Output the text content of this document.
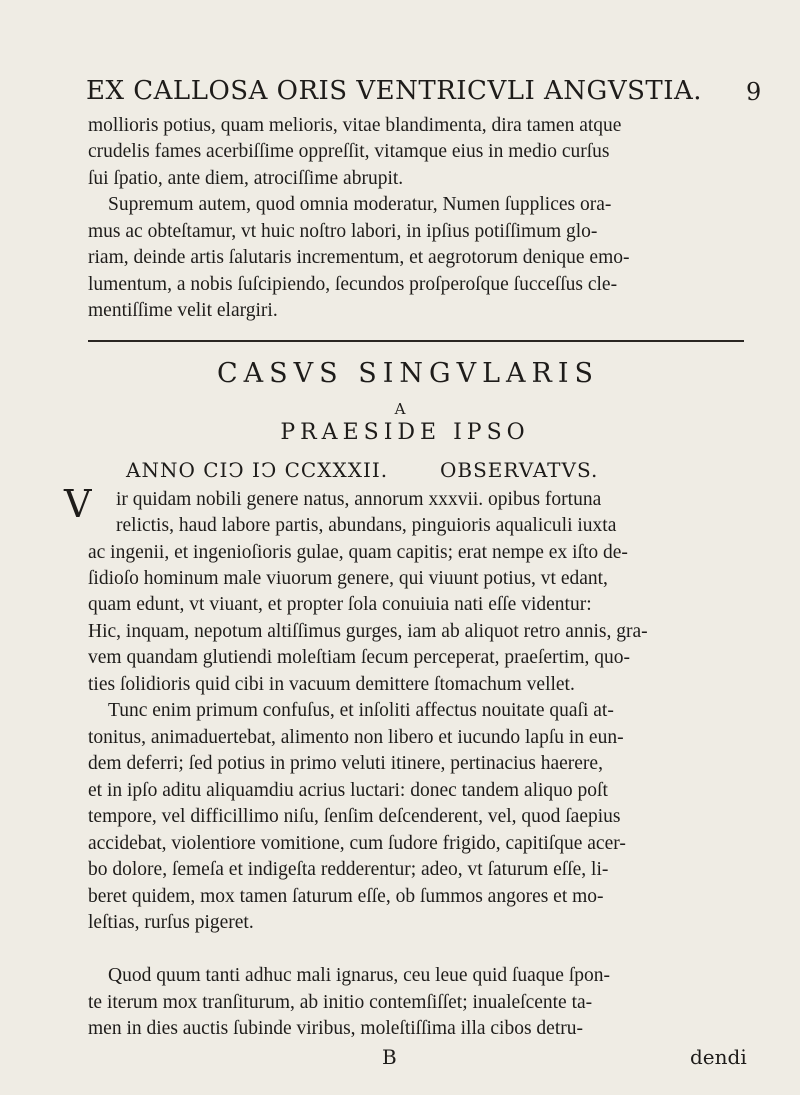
EX CALLOSA ORIS VENTRICVLI ANGVSTIA.	9
mollioris potius, quam melioris, vitae blandimenta, dira tamen atque
crudelis fames acerbiſſime oppreſſit, vitamque eius in medio curſus
ſui ſpatio, ante diem, atrociſſime abrupit.
Supremum autem, quod omnia moderatur, Numen ſupplices ora-
mus ac obteſtamur, vt huic noſtro labori, in ipſius potiſſimum glo-
riam, deinde artis ſalutaris incrementum, et aegrotorum denique emo-
lumentum, a nobis ſuſcipiendo, ſecundos proſperoſque ſucceſſus cle-
mentiſſime velit elargiri.
CASVS SINGVLARIS
A
PRAESIDE IPSO
ANNO CIↃ IↃ CCXXXII.	OBSERVATVS.
V ir quidam nobili genere natus, annorum xxxvii. opibus fortuna
relictis, haud labore partis, abundans, pinguioris aqualiculi iuxta
ac ingenii, et ingenioſioris gulae, quam capitis; erat nempe ex iſto de-
ſidioſo hominum male viuorum genere, qui viuunt potius, vt edant,
quam edunt, vt viuant, et propter ſola conuiuia nati eſſe videntur:
Hic, inquam, nepotum altiſſimus gurges, iam ab aliquot retro annis, gra-
vem quandam glutiendi moleſtiam ſecum perceperat, praeſertim, quo-
ties ſolidioris quid cibi in vacuum demittere ſtomachum vellet.
Tunc enim primum confuſus, et inſoliti affectus nouitate quaſi at-
tonitus, animaduertebat, alimento non libero et iucundo lapſu in eun-
dem deferri; ſed potius in primo veluti itinere, pertinacius haerere,
et in ipſo aditu aliquamdiu acrius luctari: donec tandem aliquo poſt
tempore, vel difficillimo niſu, ſenſim deſcenderent, vel, quod ſaepius
accidebat, violentiore vomitione, cum ſudore frigido, capitiſque acer-
bo dolore, ſemeſa et indigeſta redderentur; adeo, vt ſaturum eſſe, li-
beret quidem, mox tamen ſaturum eſſe, ob ſummos angores et mo-
leſtias, rurſus pigeret.
Quod quum tanti adhuc mali ignarus, ceu leue quid ſuaque ſpon-
te iterum mox tranſiturum, ab initio contemſiſſet; inualeſcente ta-
men in dies auctis ſubinde viribus, moleſtiſſima illa cibos detru-
B	dendi
